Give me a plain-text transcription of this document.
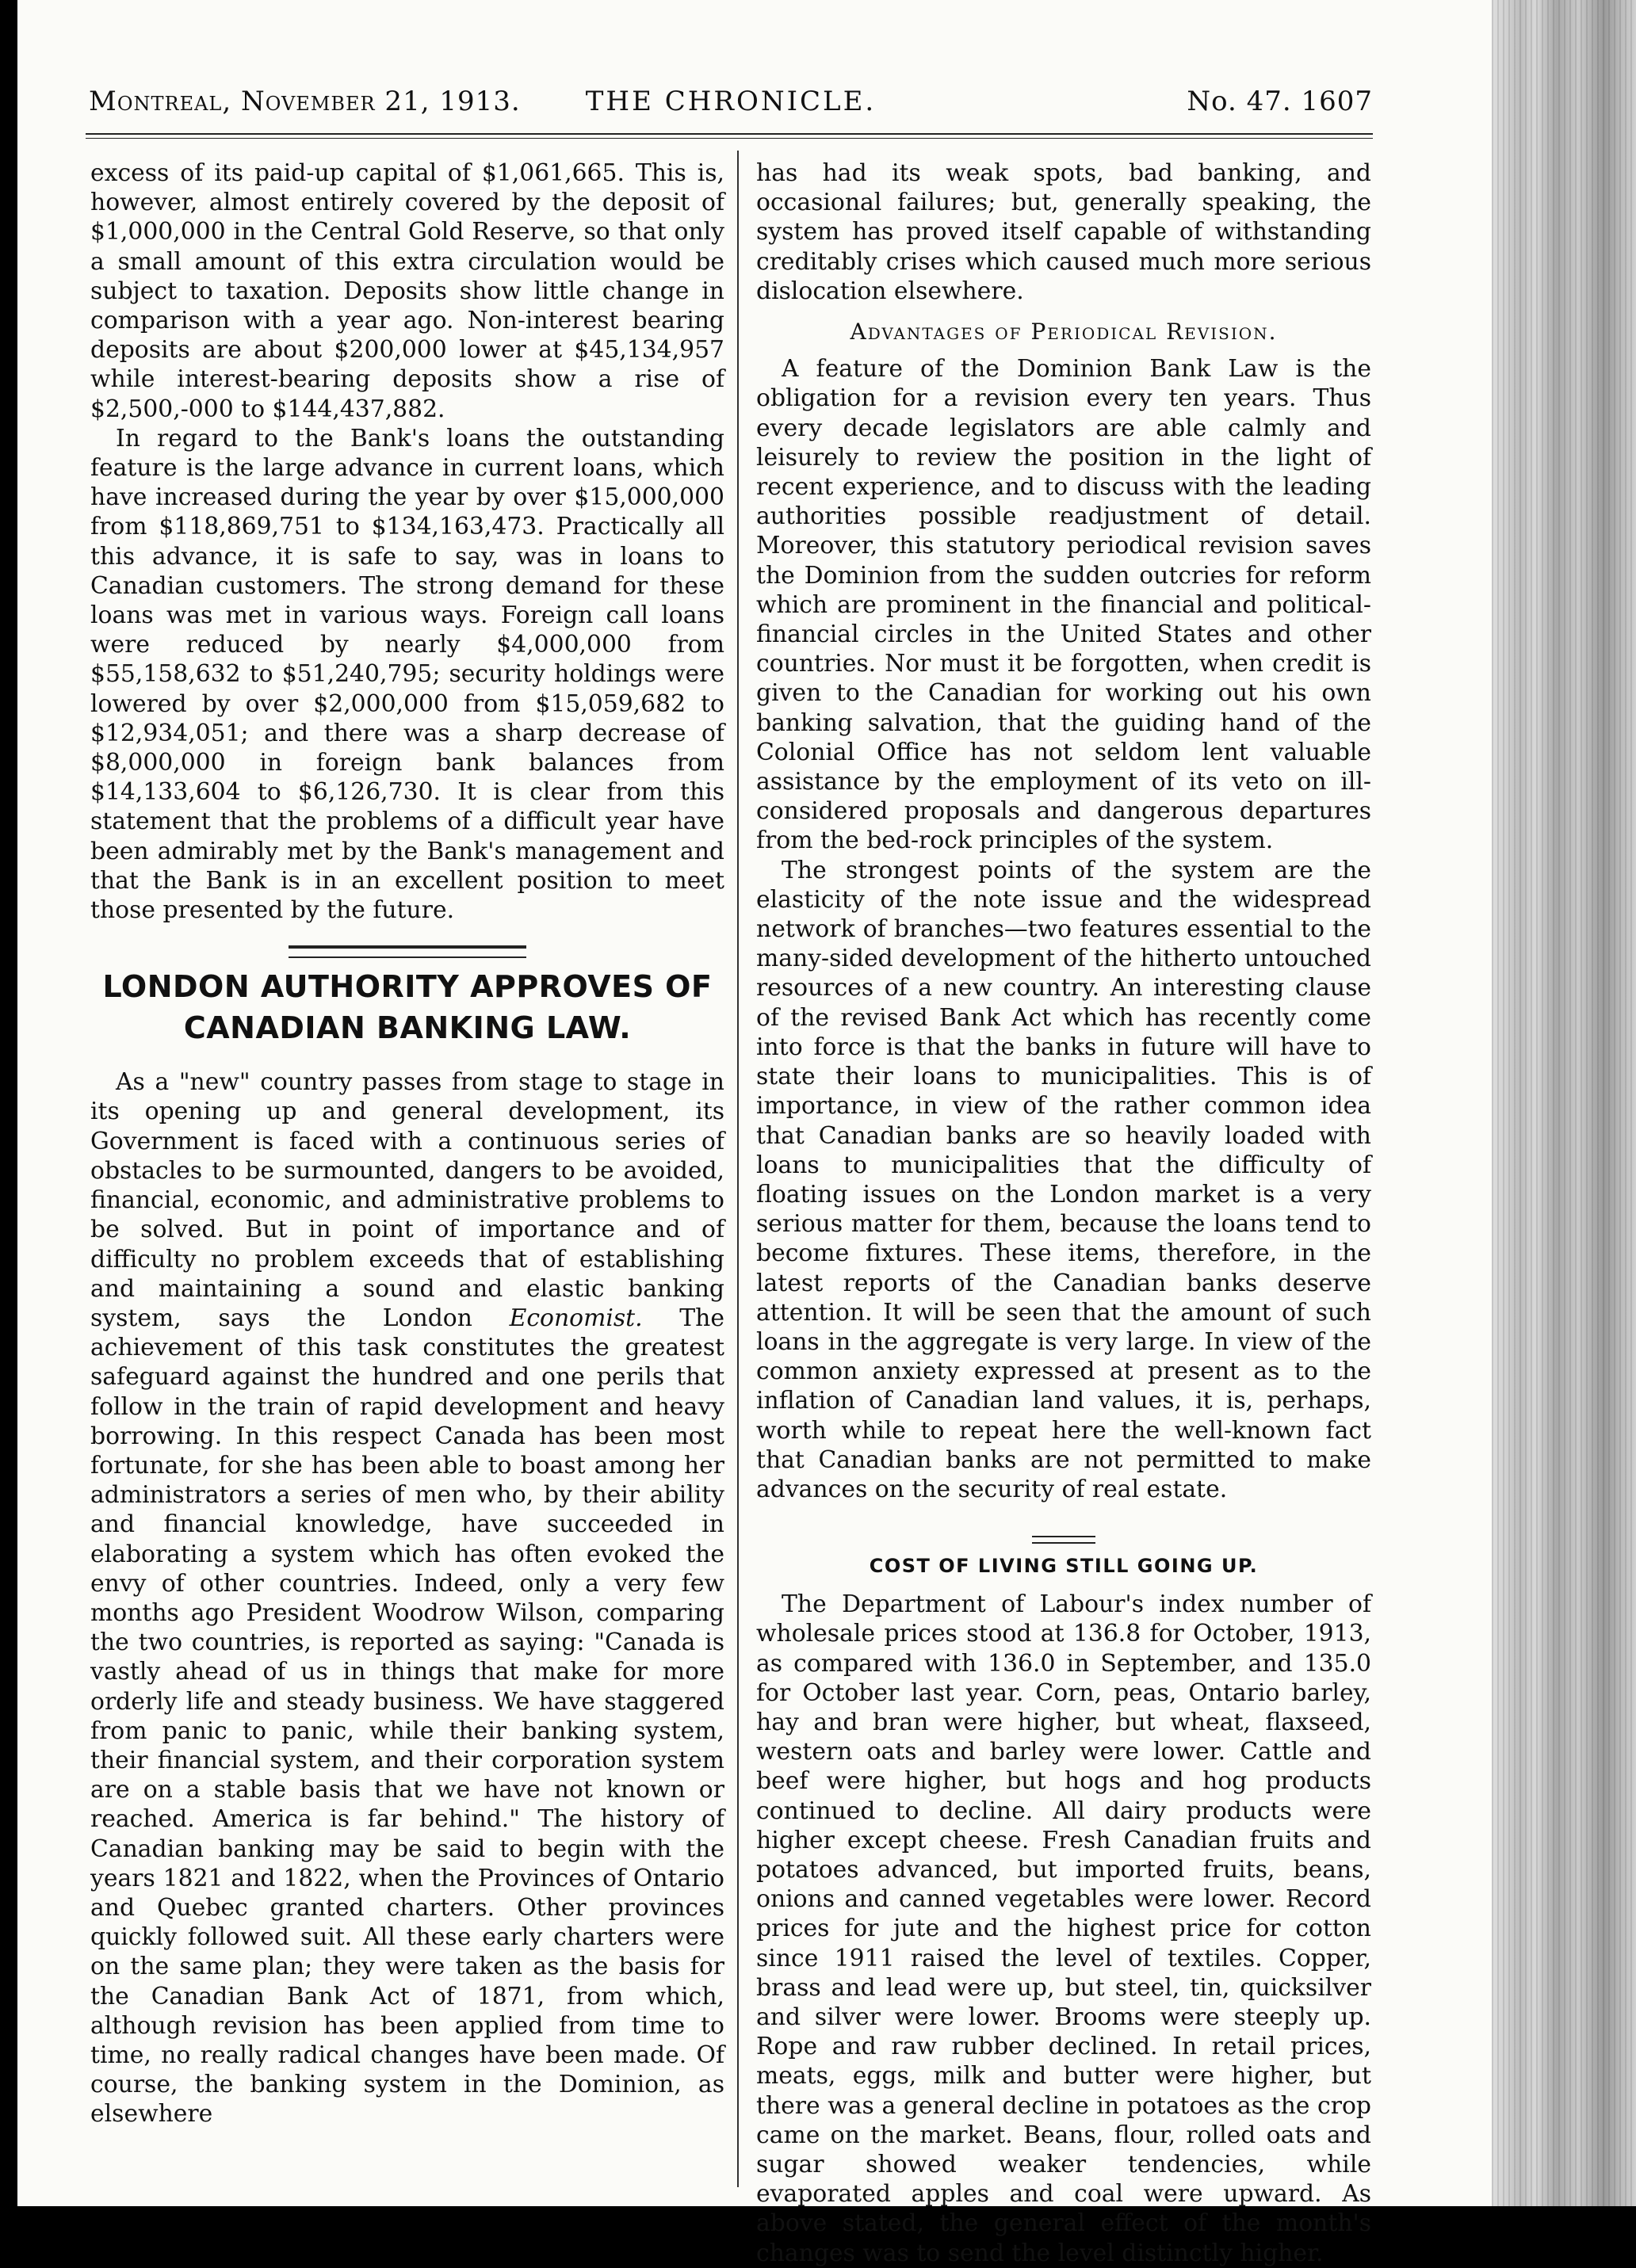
Montreal, November 21, 1913.	THE CHRONICLE.	No. 47. 1607

excess of its paid-up capital of $1,061,665. This is, however, almost entirely covered by the deposit of $1,000,000 in the Central Gold Reserve, so that only a small amount of this extra circulation would be subject to taxation. Deposits show little change in comparison with a year ago. Non-interest bearing deposits are about $200,000 lower at $45,134,957 while interest-bearing deposits show a rise of $2,500,-000 to $144,437,882.

In regard to the Bank's loans the outstanding feature is the large advance in current loans, which have increased during the year by over $15,000,000 from $118,869,751 to $134,163,473. Practically all this advance, it is safe to say, was in loans to Canadian customers. The strong demand for these loans was met in various ways. Foreign call loans were reduced by nearly $4,000,000 from $55,158,632 to $51,240,795; security holdings were lowered by over $2,000,000 from $15,059,682 to $12,934,051; and there was a sharp decrease of $8,000,000 in foreign bank balances from $14,133,604 to $6,126,730. It is clear from this statement that the problems of a difficult year have been admirably met by the Bank's management and that the Bank is in an excellent position to meet those presented by the future.

LONDON AUTHORITY APPROVES OF CANADIAN BANKING LAW.

As a "new" country passes from stage to stage in its opening up and general development, its Government is faced with a continuous series of obstacles to be surmounted, dangers to be avoided, financial, economic, and administrative problems to be solved. But in point of importance and of difficulty no problem exceeds that of establishing and maintaining a sound and elastic banking system, says the London Economist. The achievement of this task constitutes the greatest safeguard against the hundred and one perils that follow in the train of rapid development and heavy borrowing. In this respect Canada has been most fortunate, for she has been able to boast among her administrators a series of men who, by their ability and financial knowledge, have succeeded in elaborating a system which has often evoked the envy of other countries. Indeed, only a very few months ago President Woodrow Wilson, comparing the two countries, is reported as saying: "Canada is vastly ahead of us in things that make for more orderly life and steady business. We have staggered from panic to panic, while their banking system, their financial system, and their corporation system are on a stable basis that we have not known or reached. America is far behind." The history of Canadian banking may be said to begin with the years 1821 and 1822, when the Provinces of Ontario and Quebec granted charters. Other provinces quickly followed suit. All these early charters were on the same plan; they were taken as the basis for the Canadian Bank Act of 1871, from which, although revision has been applied from time to time, no really radical changes have been made. Of course, the banking system in the Dominion, as elsewhere

has had its weak spots, bad banking, and occasional failures; but, generally speaking, the system has proved itself capable of withstanding creditably crises which caused much more serious dislocation elsewhere.

Advantages of Periodical Revision.

A feature of the Dominion Bank Law is the obligation for a revision every ten years. Thus every decade legislators are able calmly and leisurely to review the position in the light of recent experience, and to discuss with the leading authorities possible readjustment of detail. Moreover, this statutory periodical revision saves the Dominion from the sudden outcries for reform which are prominent in the financial and political-financial circles in the United States and other countries. Nor must it be forgotten, when credit is given to the Canadian for working out his own banking salvation, that the guiding hand of the Colonial Office has not seldom lent valuable assistance by the employment of its veto on ill-considered proposals and dangerous departures from the bed-rock principles of the system.

The strongest points of the system are the elasticity of the note issue and the widespread network of branches—two features essential to the many-sided development of the hitherto untouched resources of a new country. An interesting clause of the revised Bank Act which has recently come into force is that the banks in future will have to state their loans to municipalities. This is of importance, in view of the rather common idea that Canadian banks are so heavily loaded with loans to municipalities that the difficulty of floating issues on the London market is a very serious matter for them, because the loans tend to become fixtures. These items, therefore, in the latest reports of the Canadian banks deserve attention. It will be seen that the amount of such loans in the aggregate is very large. In view of the common anxiety expressed at present as to the inflation of Canadian land values, it is, perhaps, worth while to repeat here the well-known fact that Canadian banks are not permitted to make advances on the security of real estate.

COST OF LIVING STILL GOING UP.

The Department of Labour's index number of wholesale prices stood at 136.8 for October, 1913, as compared with 136.0 in September, and 135.0 for October last year. Corn, peas, Ontario barley, hay and bran were higher, but wheat, flaxseed, western oats and barley were lower. Cattle and beef were higher, but hogs and hog products continued to decline. All dairy products were higher except cheese. Fresh Canadian fruits and potatoes advanced, but imported fruits, beans, onions and canned vegetables were lower. Record prices for jute and the highest price for cotton since 1911 raised the level of textiles. Copper, brass and lead were up, but steel, tin, quicksilver and silver were lower. Brooms were steeply up. Rope and raw rubber declined. In retail prices, meats, eggs, milk and butter were higher, but there was a general decline in potatoes as the crop came on the market. Beans, flour, rolled oats and sugar showed weaker tendencies, while evaporated apples and coal were upward. As above stated, the general effect of the month's changes was to send the level distinctly higher.
